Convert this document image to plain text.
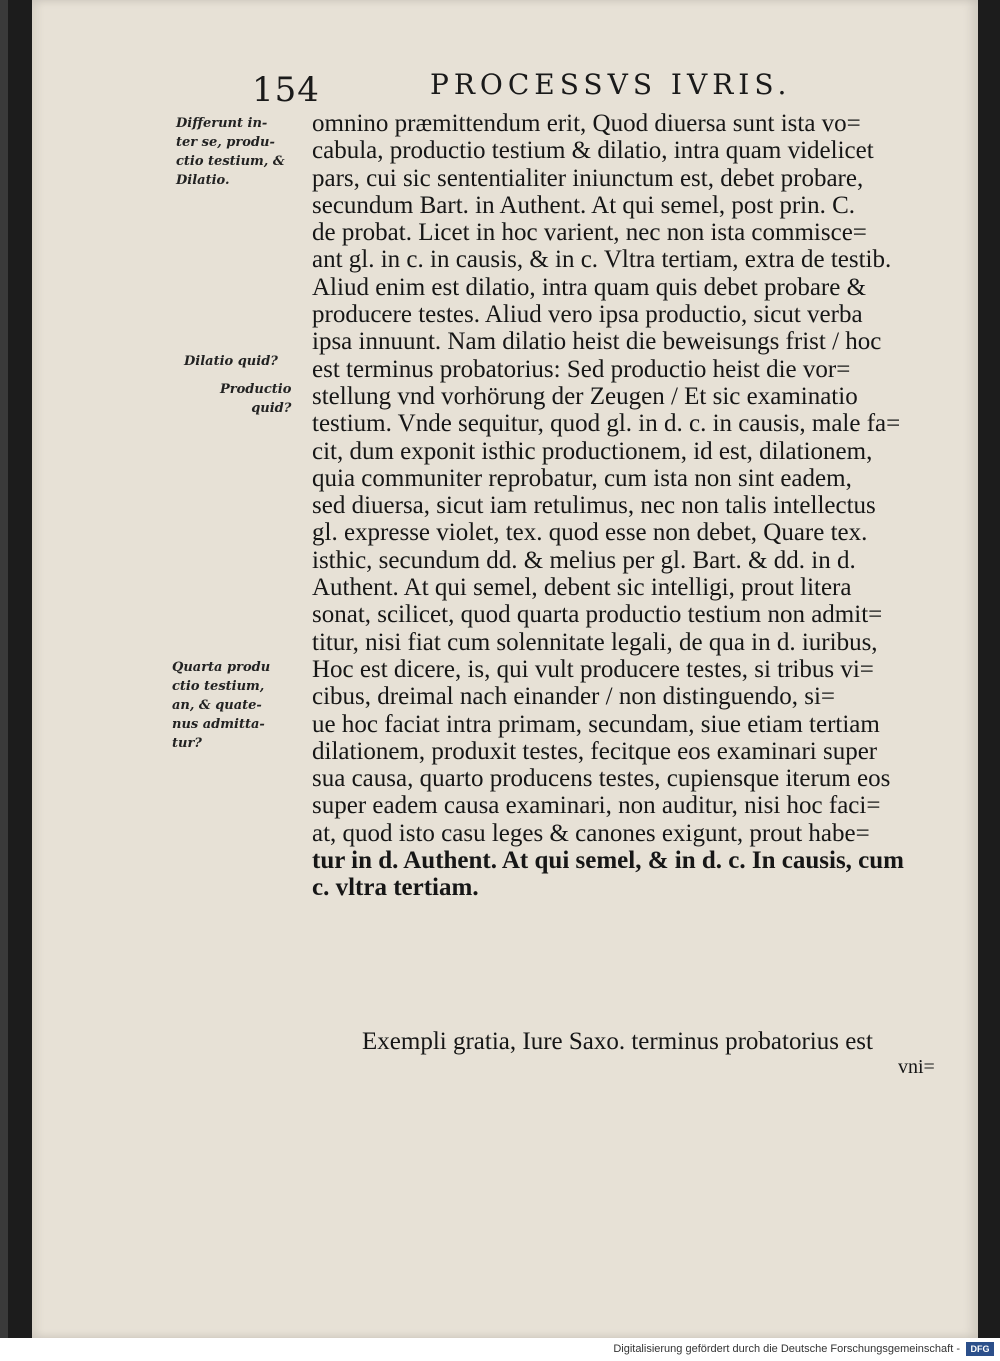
154	PROCESSVS IVRIS.
Differunt in-
ter se, produ-
ctio testium, &
Dilatio.
Dilatio quid?
Productio
quid?
Quarta produ
ctio testium,
an, & quate-
nus admitta-
tur?
omnino præmittendum erit, Quod diuersa sunt ista vo=
cabula, productio testium & dilatio, intra quam videlicet
pars, cui sic sententialiter iniunctum est, debet probare,
secundum Bart. in Authent. At qui semel, post prin. C.
de probat. Licet in hoc varient, nec non ista commisce=
ant gl. in c. in causis, & in c. Vltra tertiam, extra de testib.
Aliud enim est dilatio, intra quam quis debet probare &
producere testes. Aliud vero ipsa productio, sicut verba
ipsa innuunt. Nam dilatio heist die beweisungs frist / hoc
est terminus probatorius: Sed productio heist die vor=
stellung vnd vorhörung der Zeugen / Et sic examinatio
testium. Vnde sequitur, quod gl. in d. c. in causis, male fa=
cit, dum exponit isthic productionem, id est, dilationem,
quia communiter reprobatur, cum ista non sint eadem,
sed diuersa, sicut iam retulimus, nec non talis intellectus
gl. expresse violet, tex. quod esse non debet, Quare tex.
isthic, secundum dd. & melius per gl. Bart. & dd. in d.
Authent. At qui semel, debent sic intelligi, prout litera
sonat, scilicet, quod quarta productio testium non admit=
titur, nisi fiat cum solennitate legali, de qua in d. iuribus,
Hoc est dicere, is, qui vult producere testes, si tribus vi=
cibus, dreimal nach einander / non distinguendo, si=
ue hoc faciat intra primam, secundam, siue etiam tertiam
dilationem, produxit testes, fecitque eos examinari super
sua causa, quarto producens testes, cupiensque iterum eos
super eadem causa examinari, non auditur, nisi hoc faci=
at, quod isto casu leges & canones exigunt, prout habe=
tur in d. Authent. At qui semel, & in d. c. In causis, cum
c. vltra tertiam.
Exempli gratia, Iure Saxo. terminus probatorius est
vni=
Digitalisierung gefördert durch die Deutsche Forschungsgemeinschaft -	DFG
